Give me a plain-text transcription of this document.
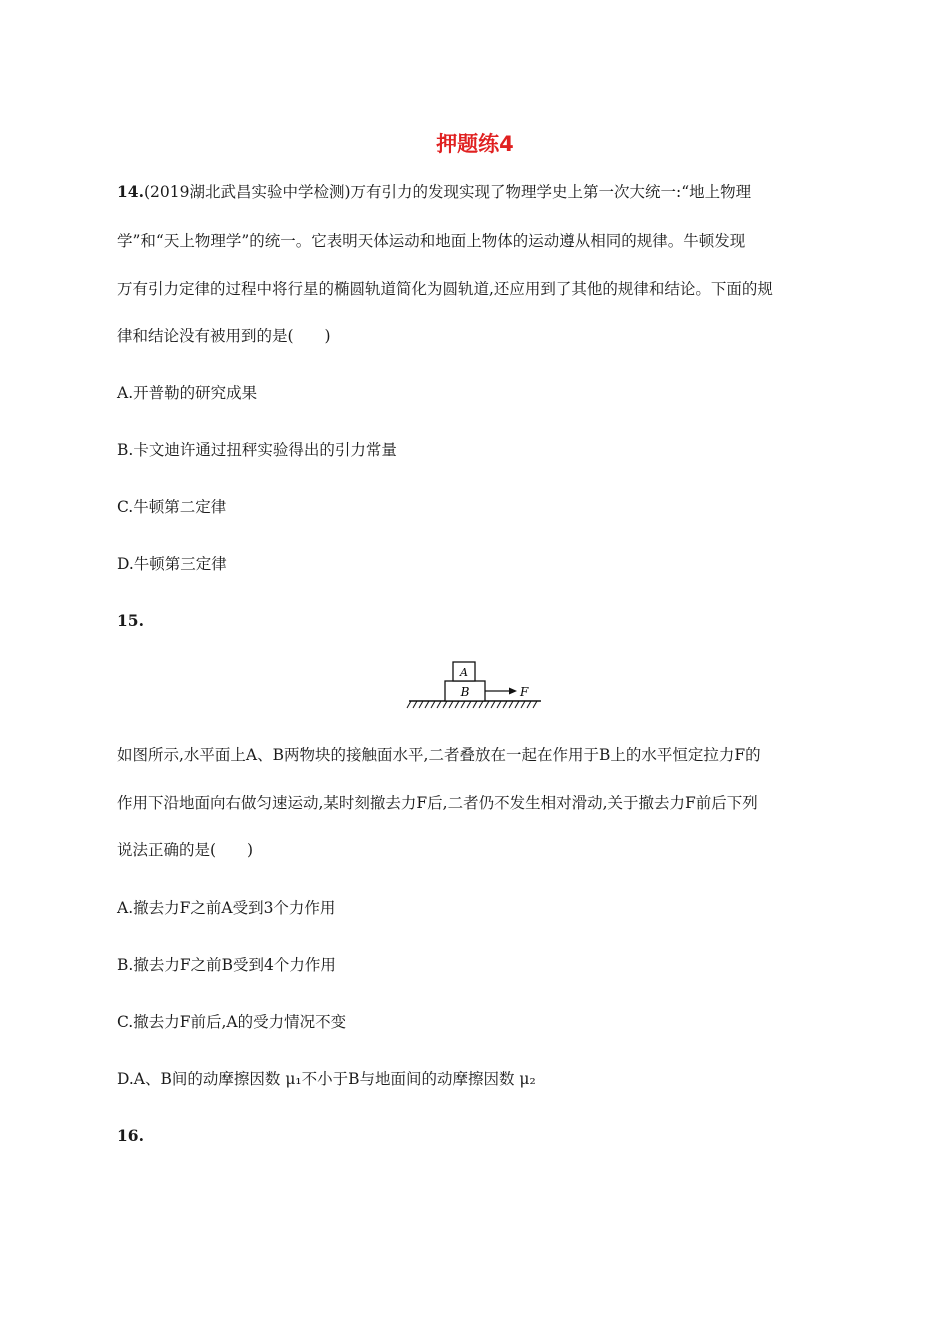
押题练4
14.(2019湖北武昌实验中学检测)万有引力的发现实现了物理学史上第一次大统一:“地上物理
学”和“天上物理学”的统一。它表明天体运动和地面上物体的运动遵从相同的规律。牛顿发现
万有引力定律的过程中将行星的椭圆轨道简化为圆轨道,还应用到了其他的规律和结论。下面的规
律和结论没有被用到的是(　　)
A.开普勒的研究成果
B.卡文迪许通过扭秤实验得出的引力常量
C.牛顿第二定律
D.牛顿第三定律
15.
B
A
F
如图所示,水平面上A、B两物块的接触面水平,二者叠放在一起在作用于B上的水平恒定拉力F的
作用下沿地面向右做匀速运动,某时刻撤去力F后,二者仍不发生相对滑动,关于撤去力F前后下列
说法正确的是(　　)
A.撤去力F之前A受到3个力作用
B.撤去力F之前B受到4个力作用
C.撤去力F前后,A的受力情况不变
D.A、B间的动摩擦因数 μ₁不小于B与地面间的动摩擦因数 μ₂
16.
